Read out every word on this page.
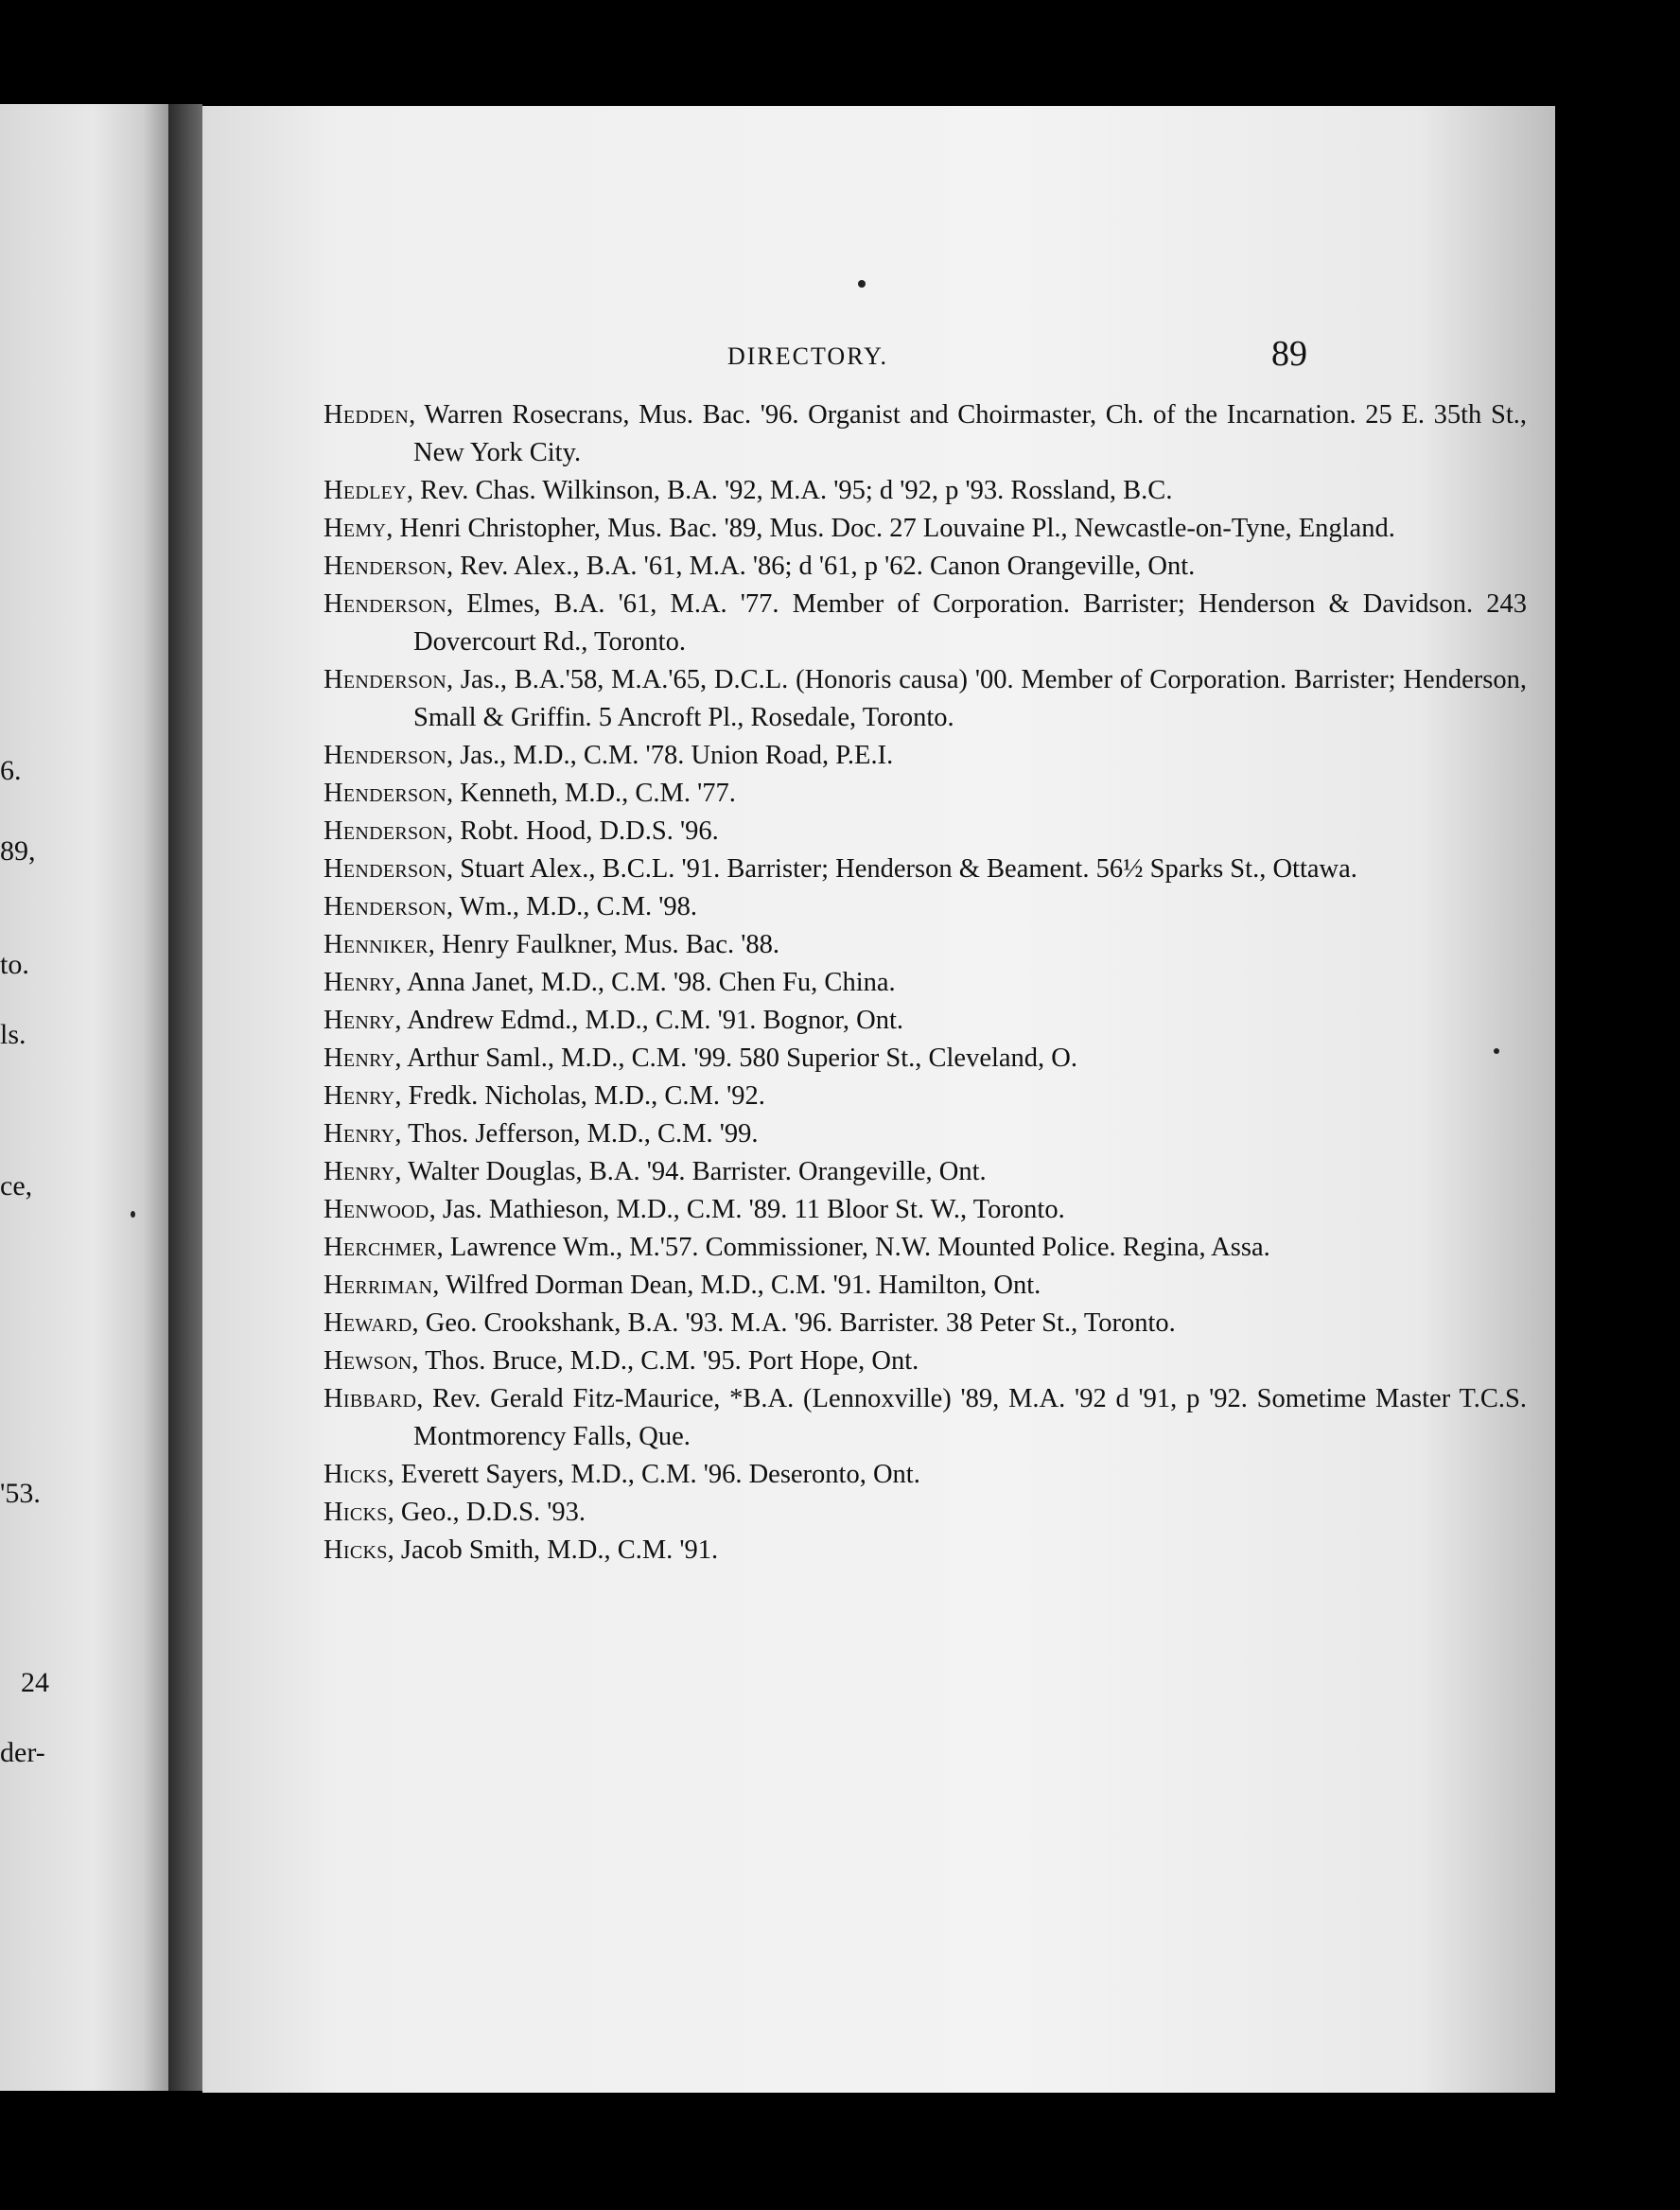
6.
89,
to.
ls.
ce,
'53.
24
der-
DIRECTORY.	89
Hedden, Warren Rosecrans, Mus. Bac. '96. Organist and Choirmaster, Ch. of the Incarnation. 25 E. 35th St., New York City.
Hedley, Rev. Chas. Wilkinson, B.A. '92, M.A. '95; d '92, p '93. Rossland, B.C.
Hemy, Henri Christopher, Mus. Bac. '89, Mus. Doc. 27 Louvaine Pl., Newcastle-on-Tyne, England.
Henderson, Rev. Alex., B.A. '61, M.A. '86; d '61, p '62. Canon Orangeville, Ont.
Henderson, Elmes, B.A. '61, M.A. '77. Member of Corporation. Barrister; Henderson & Davidson. 243 Dovercourt Rd., Toronto.
Henderson, Jas., B.A.'58, M.A.'65, D.C.L. (Honoris causa) '00. Member of Corporation. Barrister; Henderson, Small & Griffin. 5 Ancroft Pl., Rosedale, Toronto.
Henderson, Jas., M.D., C.M. '78. Union Road, P.E.I.
Henderson, Kenneth, M.D., C.M. '77.
Henderson, Robt. Hood, D.D.S. '96.
Henderson, Stuart Alex., B.C.L. '91. Barrister; Henderson & Beament. 56½ Sparks St., Ottawa.
Henderson, Wm., M.D., C.M. '98.
Henniker, Henry Faulkner, Mus. Bac. '88.
Henry, Anna Janet, M.D., C.M. '98. Chen Fu, China.
Henry, Andrew Edmd., M.D., C.M. '91. Bognor, Ont.
Henry, Arthur Saml., M.D., C.M. '99. 580 Superior St., Cleveland, O.
Henry, Fredk. Nicholas, M.D., C.M. '92.
Henry, Thos. Jefferson, M.D., C.M. '99.
Henry, Walter Douglas, B.A. '94. Barrister. Orangeville, Ont.
Henwood, Jas. Mathieson, M.D., C.M. '89. 11 Bloor St. W., Toronto.
Herchmer, Lawrence Wm., M.'57. Commissioner, N.W. Mounted Police. Regina, Assa.
Herriman, Wilfred Dorman Dean, M.D., C.M. '91. Hamilton, Ont.
Heward, Geo. Crookshank, B.A. '93. M.A. '96. Barrister. 38 Peter St., Toronto.
Hewson, Thos. Bruce, M.D., C.M. '95. Port Hope, Ont.
Hibbard, Rev. Gerald Fitz-Maurice, *B.A. (Lennoxville) '89, M.A. '92 d '91, p '92. Sometime Master T.C.S. Montmorency Falls, Que.
Hicks, Everett Sayers, M.D., C.M. '96. Deseronto, Ont.
Hicks, Geo., D.D.S. '93.
Hicks, Jacob Smith, M.D., C.M. '91.
